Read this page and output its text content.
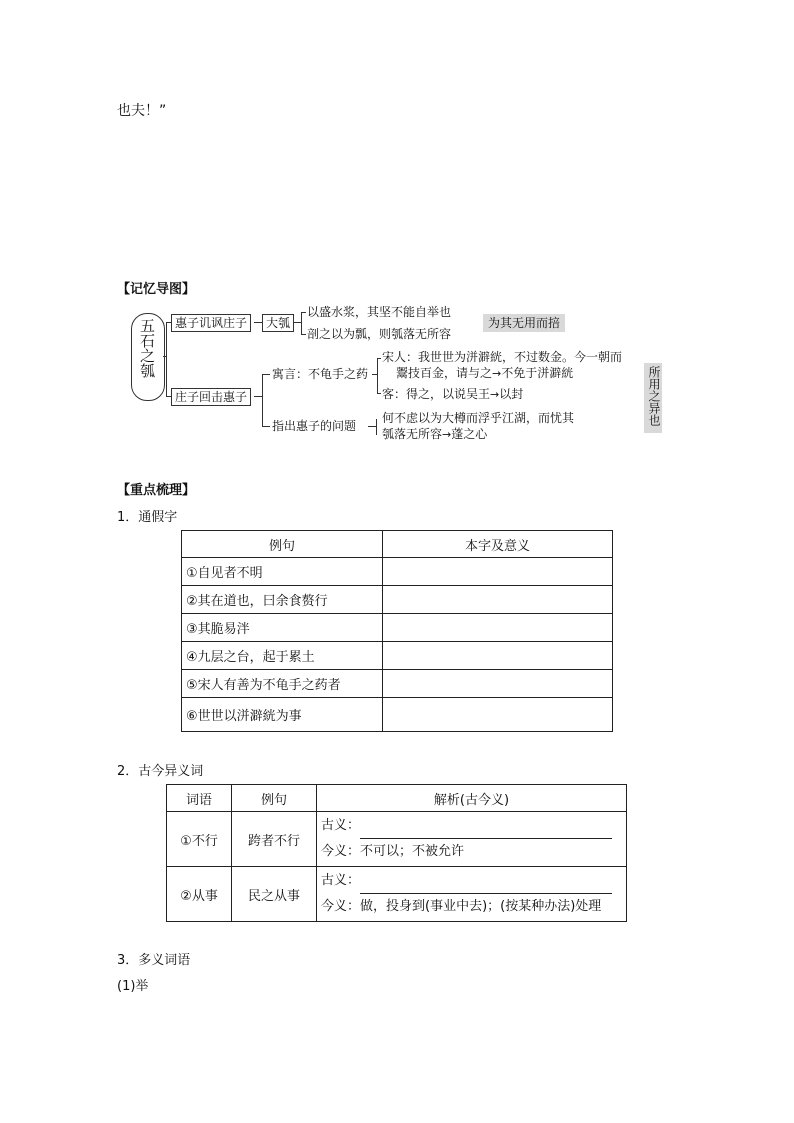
也夫！”
【记忆导图】
五石之瓠	惠子讥讽庄子	大瓠
以盛水浆，其坚不能自举也
剖之以为瓢，则瓠落无所容
为其无用而掊
庄子回击惠子
寓言：不龟手之药
宋人：我世世为洴澼絖，不过数金。今一朝而
鬻技百金，请与之→不免于洴澼絖
客：得之，以说吴王→以封
指出惠子的问题
何不虑以为大樽而浮乎江湖，而忧其
瓠落无所容→蓬之心
所用之异也
【重点梳理】
1．通假字
例句	本字及意义
①自见者不明	
②其在道也，曰余食赘行	
③其脆易泮	
④九层之台，起于累土	
⑤宋人有善为不龟手之药者	
⑥世世以洴澼絖为事	
2．古今异义词
词语	例句	解析(古今义)
①不行	跨者不行	古义：
今义：不可以；不被允许

②从事	民之从事	古义：
今义：做，投身到(事业中去)；(按某种办法)处理
3．多义词语
(1)举
